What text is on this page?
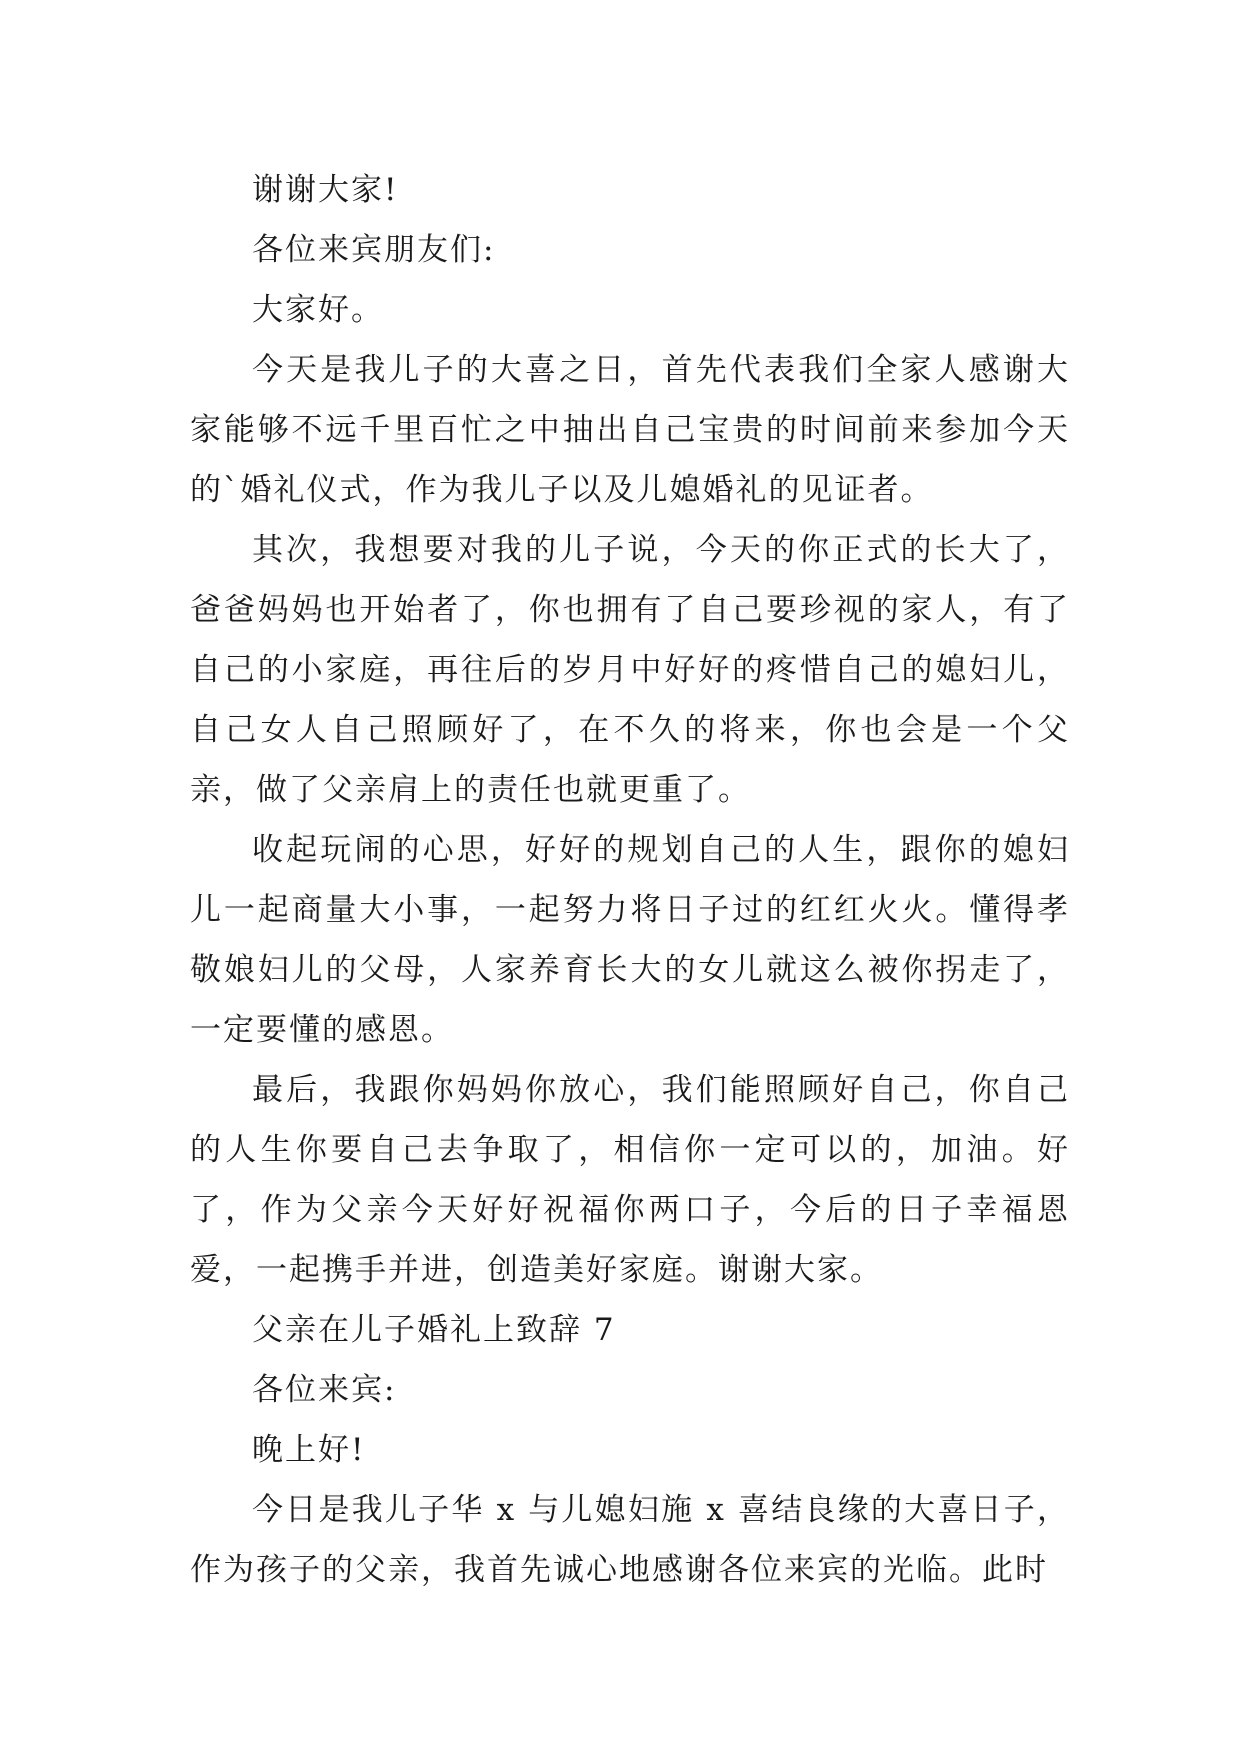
谢谢大家!

各位来宾朋友们:

大家好。

今天是我儿子的大喜之日，首先代表我们全家人感谢大家能够不远千里百忙之中抽出自己宝贵的时间前来参加今天的`婚礼仪式，作为我儿子以及儿媳婚礼的见证者。

其次，我想要对我的儿子说，今天的你正式的长大了，爸爸妈妈也开始者了，你也拥有了自己要珍视的家人，有了自己的小家庭，再往后的岁月中好好的疼惜自己的媳妇儿，自己女人自己照顾好了，在不久的将来，你也会是一个父亲，做了父亲肩上的责任也就更重了。

收起玩闹的心思，好好的规划自己的人生，跟你的媳妇儿一起商量大小事，一起努力将日子过的红红火火。懂得孝敬娘妇儿的父母，人家养育长大的女儿就这么被你拐走了，一定要懂的感恩。

最后，我跟你妈妈你放心，我们能照顾好自己，你自己的人生你要自己去争取了，相信你一定可以的，加油。好了，作为父亲今天好好祝福你两口子，今后的日子幸福恩爱，一起携手并进，创造美好家庭。谢谢大家。

父亲在儿子婚礼上致辞 7

各位来宾:

晚上好!

今日是我儿子华 x 与儿媳妇施 x 喜结良缘的大喜日子，作为孩子的父亲，我首先诚心地感谢各位来宾的光临。此时
